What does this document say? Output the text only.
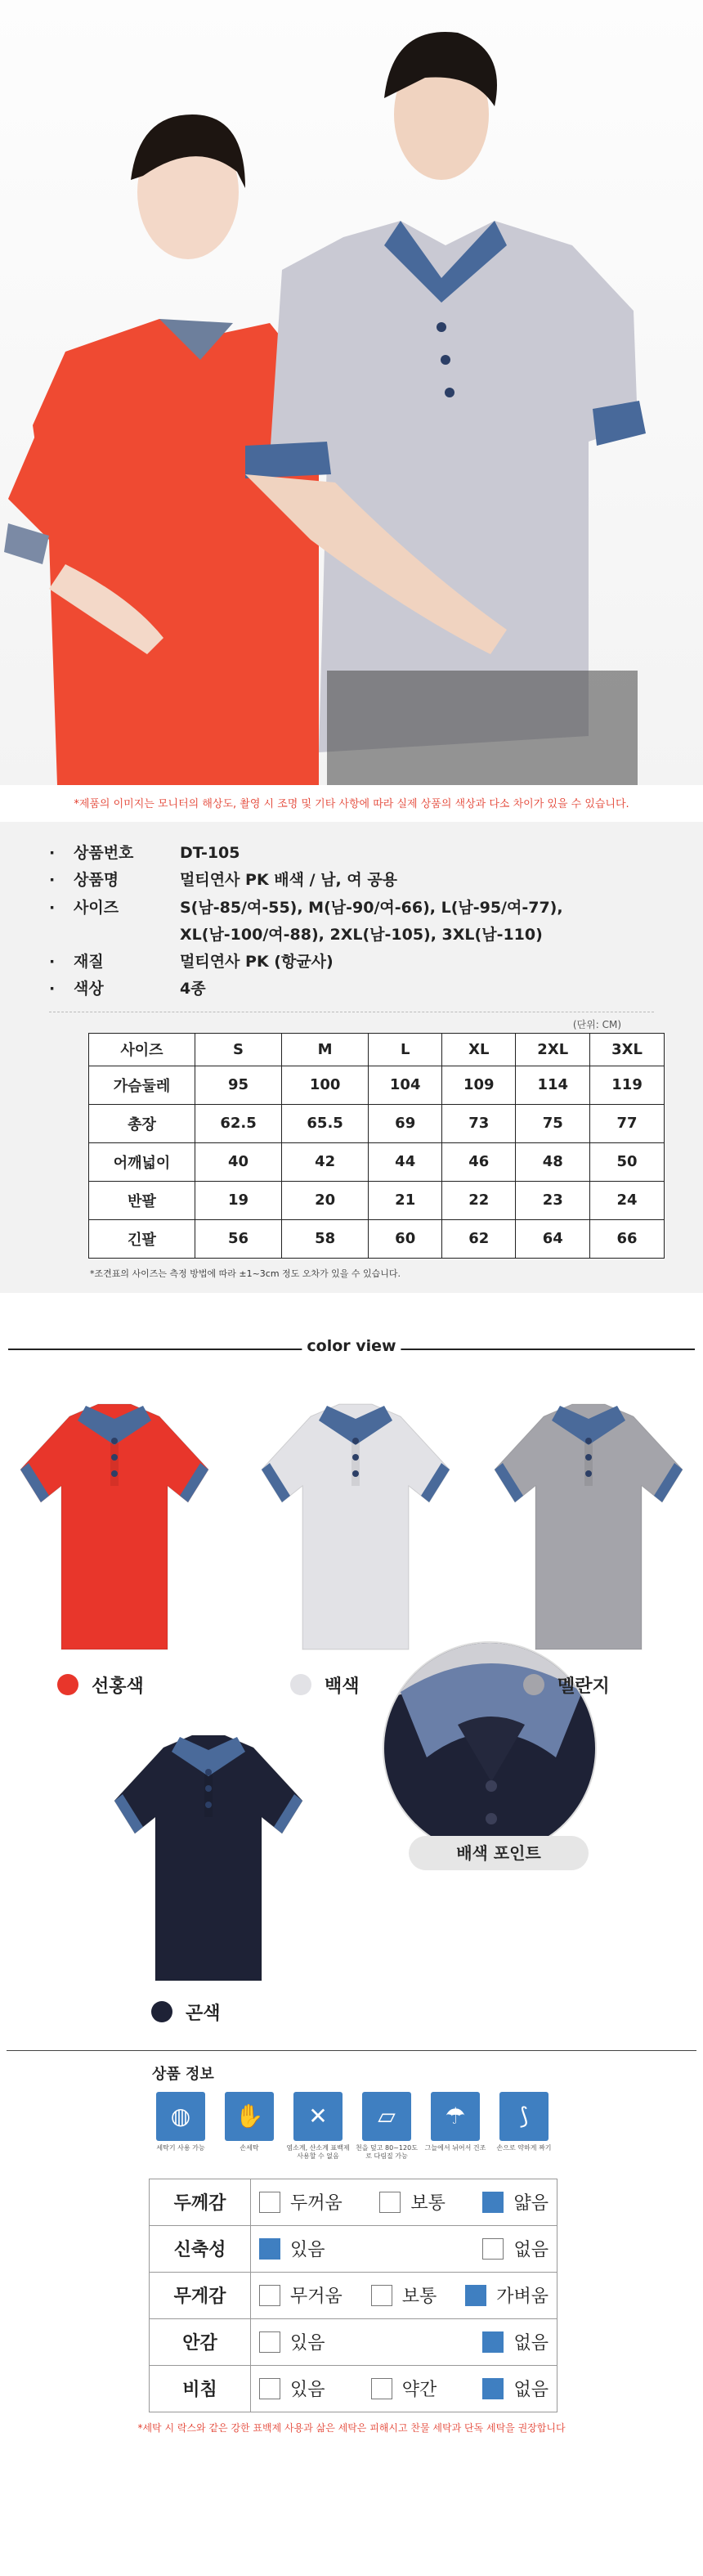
*제품의 이미지는 모니터의 해상도, 촬영 시 조명 및 기타 사항에 따라 실제 상품의 색상과 다소 차이가 있을 수 있습니다.
·	상품번호	DT-105
·	상품명	멀티연사 PK 배색 / 남, 여 공용
·	사이즈	S(남-85/여-55), M(남-90/여-66), L(남-95/여-77),
XL(남-100/여-88), 2XL(남-105), 3XL(남-110)
·	재질	멀티연사 PK (항균사)
·	색상	4종
(단위: CM)
사이즈	S	M	L	XL	2XL	3XL
가슴둘레	95	100	104	109	114	119
총장	62.5	65.5	69	73	75	77
어깨넓이	40	42	44	46	48	50
반팔	19	20	21	22	23	24
긴팔	56	58	60	62	64	66
*조견표의 사이즈는 측정 방법에 따라 ±1~3cm 정도 오차가 있을 수 있습니다.
color view
배색 포인트
선홍색	백색	멜란지
곤색
상품 정보
◍
세탁기 사용 가능
✋
손세탁
✕
염소계, 산소계 표백제 사용할 수 없음
▱
천을 덮고 80~120도로 다림질 가능
☂
그늘에서 뉘어서 건조
⟆
손으로 약하게 짜기
두께감	두꺼움 보통 얇음

신축성	있음 없음

무게감	무거움 보통 가벼움

안감	있음 없음

비침	있음 약간 없음
*세탁 시 락스와 같은 강한 표백제 사용과 삶은 세탁은 피해시고 찬물 세탁과 단독 세탁을 권장합니다
